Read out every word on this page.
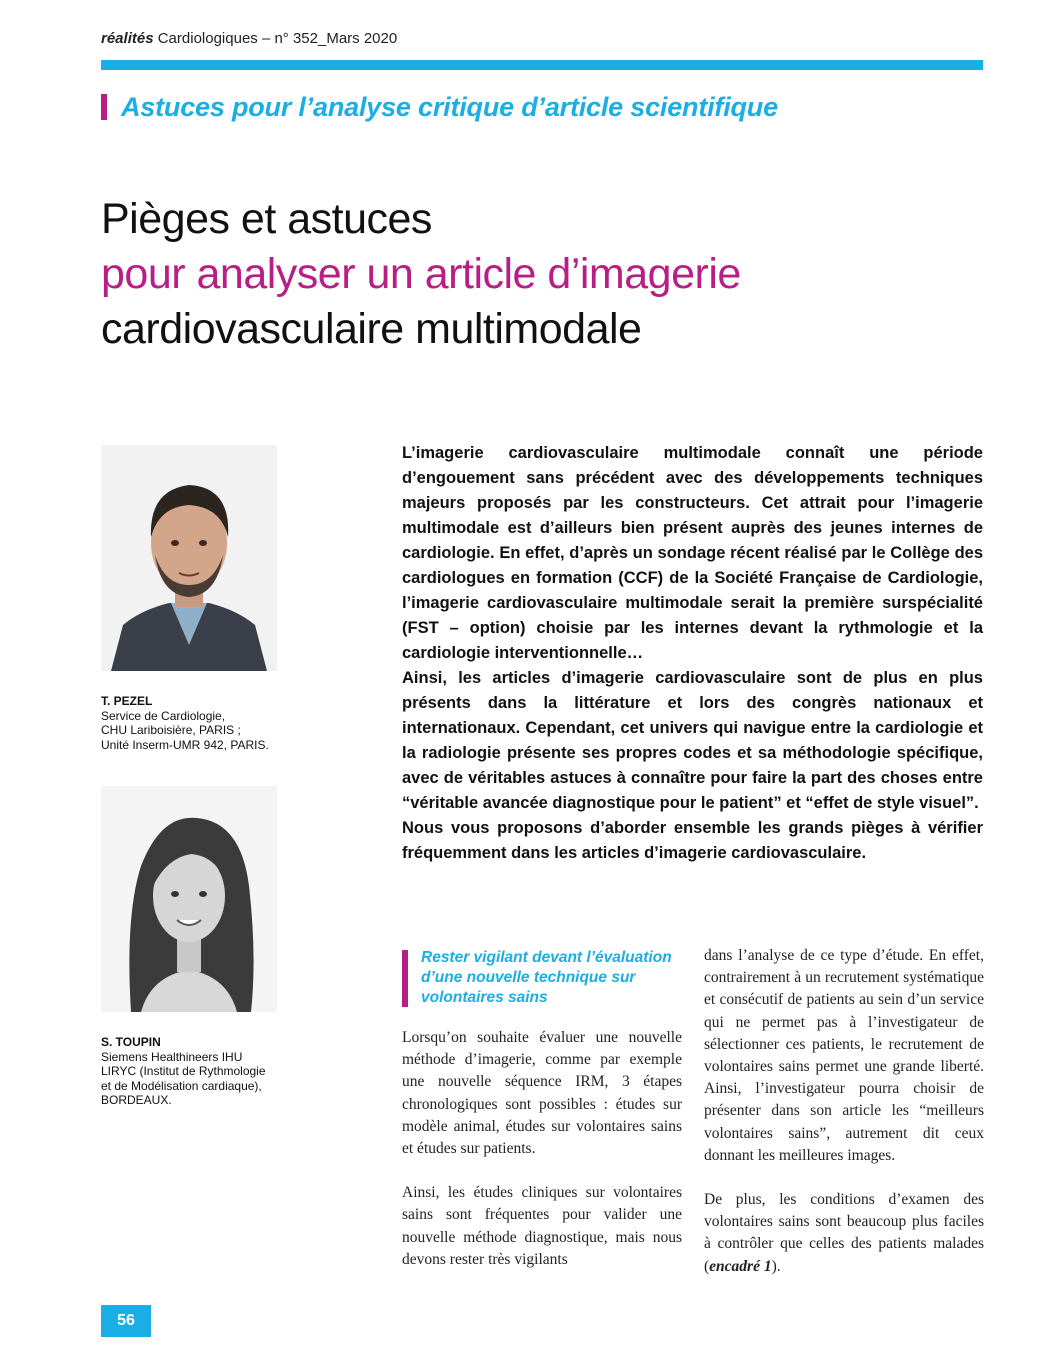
réalités Cardiologiques – n° 352_Mars 2020
Astuces pour l’analyse critique d’article scientifique
Pièges et astuces
pour analyser un article d’imagerie
cardiovasculaire multimodale
T. PEZEL
Service de Cardiologie,
CHU Lariboisière, PARIS ;
Unité Inserm-UMR 942, PARIS.
S. TOUPIN
Siemens Healthineers IHU
LIRYC (Institut de Rythmologie
et de Modélisation cardiaque),
BORDEAUX.

L’imagerie cardiovasculaire multimodale connaît une période d’engouement sans précédent avec des développements techniques majeurs proposés par les constructeurs. Cet attrait pour l’imagerie multimodale est d’ailleurs bien présent auprès des jeunes internes de cardiologie. En effet, d’après un sondage récent réalisé par le Collège des cardiologues en formation (CCF) de la Société Française de Cardiologie, l’imagerie cardiovasculaire multimodale serait la première surspécialité (FST – option) choisie par les internes devant la rythmologie et la cardiologie interventionnelle…

Ainsi, les articles d’imagerie cardiovasculaire sont de plus en plus présents dans la littérature et lors des congrès nationaux et internationaux. Cependant, cet univers qui navigue entre la cardiologie et la radiologie présente ses propres codes et sa méthodologie spécifique, avec de véritables astuces à connaître pour faire la part des choses entre “véritable avancée diagnostique pour le patient” et “effet de style visuel”.

Nous vous proposons d’aborder ensemble les grands pièges à vérifier fréquemment dans les articles d’imagerie cardiovasculaire.

Rester vigilant devant l’évaluation d’une nouvelle technique sur volontaires sains

Lorsqu’on souhaite évaluer une nouvelle méthode d’imagerie, comme par exemple une nouvelle séquence IRM, 3 étapes chronologiques sont possibles : études sur modèle animal, études sur volontaires sains et études sur patients.

Ainsi, les études cliniques sur volontaires sains sont fréquentes pour valider une nouvelle méthode diagnostique, mais nous devons rester très vigilants

dans l’analyse de ce type d’étude. En effet, contrairement à un recrutement systématique et consécutif de patients au sein d’un service qui ne permet pas à l’investigateur de sélectionner ces patients, le recrutement de volontaires sains permet une grande liberté. Ainsi, l’investigateur pourra choisir de présenter dans son article les “meilleurs volontaires sains”, autrement dit ceux donnant les meilleures images.

De plus, les conditions d’examen des volontaires sains sont beaucoup plus faciles à contrôler que celles des patients malades (encadré 1).

56
